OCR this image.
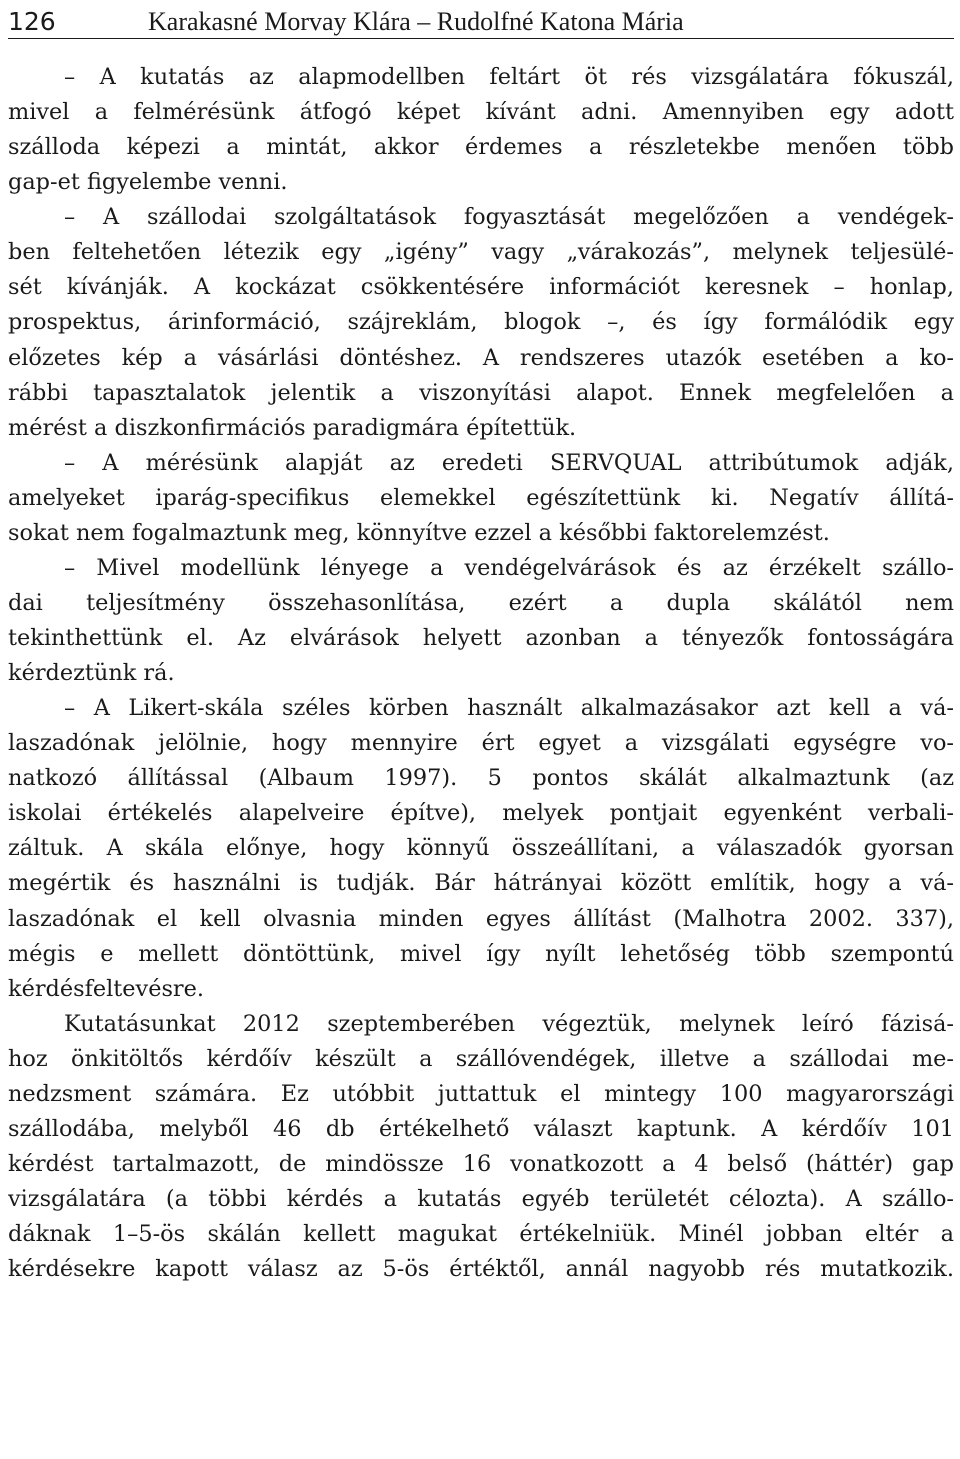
126	Karakasné Morvay Klára – Rudolfné Katona Mária
– A kutatás az alapmodellben feltárt öt rés vizsgálatára fókuszál,
mivel a felmérésünk átfogó képet kívánt adni. Amennyiben egy adott
szálloda képezi a mintát, akkor érdemes a részletekbe menően több
gap-et figyelembe venni.
– A szállodai szolgáltatások fogyasztását megelőzően a vendégek-
ben feltehetően létezik egy „igény” vagy „várakozás”, melynek teljesülé-
sét kívánják. A kockázat csökkentésére információt keresnek – honlap,
prospektus, árinformáció, szájreklám, blogok –, és így formálódik egy
előzetes kép a vásárlási döntéshez. A rendszeres utazók esetében a ko-
rábbi tapasztalatok jelentik a viszonyítási alapot. Ennek megfelelően a
mérést a diszkonfirmációs paradigmára építettük.
– A mérésünk alapját az eredeti SERVQUAL attribútumok adják,
amelyeket iparág-specifikus elemekkel egészítettünk ki. Negatív állítá-
sokat nem fogalmaztunk meg, könnyítve ezzel a későbbi faktorelemzést.
– Mivel modellünk lényege a vendégelvárások és az érzékelt szállo-
dai teljesítmény összehasonlítása, ezért a dupla skálától nem
tekinthettünk el. Az elvárások helyett azonban a tényezők fontosságára
kérdeztünk rá.
– A Likert-skála széles körben használt alkalmazásakor azt kell a vá-
laszadónak jelölnie, hogy mennyire ért egyet a vizsgálati egységre vo-
natkozó állítással (Albaum 1997). 5 pontos skálát alkalmaztunk (az
iskolai értékelés alapelveire építve), melyek pontjait egyenként verbali-
záltuk. A skála előnye, hogy könnyű összeállítani, a válaszadók gyorsan
megértik és használni is tudják. Bár hátrányai között említik, hogy a vá-
laszadónak el kell olvasnia minden egyes állítást (Malhotra 2002. 337),
mégis e mellett döntöttünk, mivel így nyílt lehetőség több szempontú
kérdésfeltevésre.
Kutatásunkat 2012 szeptemberében végeztük, melynek leíró fázisá-
hoz önkitöltős kérdőív készült a szállóvendégek, illetve a szállodai me-
nedzsment számára. Ez utóbbit juttattuk el mintegy 100 magyarországi
szállodába, melyből 46 db értékelhető választ kaptunk. A kérdőív 101
kérdést tartalmazott, de mindössze 16 vonatkozott a 4 belső (háttér) gap
vizsgálatára (a többi kérdés a kutatás egyéb területét célozta). A szállo-
dáknak 1–5-ös skálán kellett magukat értékelniük. Minél jobban eltér a
kérdésekre kapott válasz az 5-ös értéktől, annál nagyobb rés mutatkozik.
